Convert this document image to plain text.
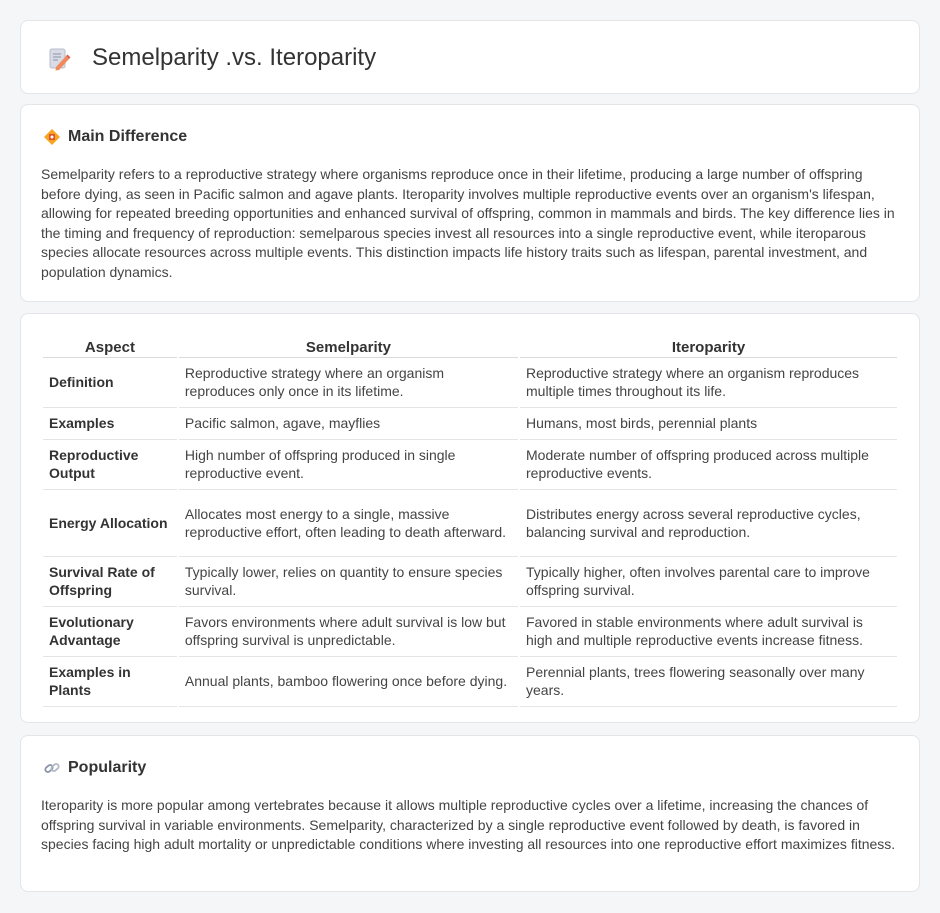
Semelparity .vs. Iteroparity
Main Difference

Semelparity refers to a reproductive strategy where organisms reproduce once in their lifetime, producing a large number of offspring before dying, as seen in Pacific salmon and agave plants. Iteroparity involves multiple reproductive events over an organism's lifespan, allowing for repeated breeding opportunities and enhanced survival of offspring, common in mammals and birds. The key difference lies in the timing and frequency of reproduction: semelparous species invest all resources into a single reproductive event, while iteroparous species allocate resources across multiple events. This distinction impacts life history traits such as lifespan, parental investment, and population dynamics.

Aspect	Semelparity	Iteroparity
Definition	Reproductive strategy where an organism reproduces only once in its lifetime.	Reproductive strategy where an organism reproduces multiple times throughout its life.
Examples	Pacific salmon, agave, mayflies	Humans, most birds, perennial plants
Reproductive Output	High number of offspring produced in single reproductive event.	Moderate number of offspring produced across multiple reproductive events.
Energy Allocation	Allocates most energy to a single, massive reproductive effort, often leading to death afterward.	Distributes energy across several reproductive cycles, balancing survival and reproduction.
Survival Rate of Offspring	Typically lower, relies on quantity to ensure species survival.	Typically higher, often involves parental care to improve offspring survival.
Evolutionary Advantage	Favors environments where adult survival is low but offspring survival is unpredictable.	Favored in stable environments where adult survival is high and multiple reproductive events increase fitness.
Examples in Plants	Annual plants, bamboo flowering once before dying.	Perennial plants, trees flowering seasonally over many years.
Popularity

Iteroparity is more popular among vertebrates because it allows multiple reproductive cycles over a lifetime, increasing the chances of offspring survival in variable environments. Semelparity, characterized by a single reproductive event followed by death, is favored in species facing high adult mortality or unpredictable conditions where investing all resources into one reproductive effort maximizes fitness.
